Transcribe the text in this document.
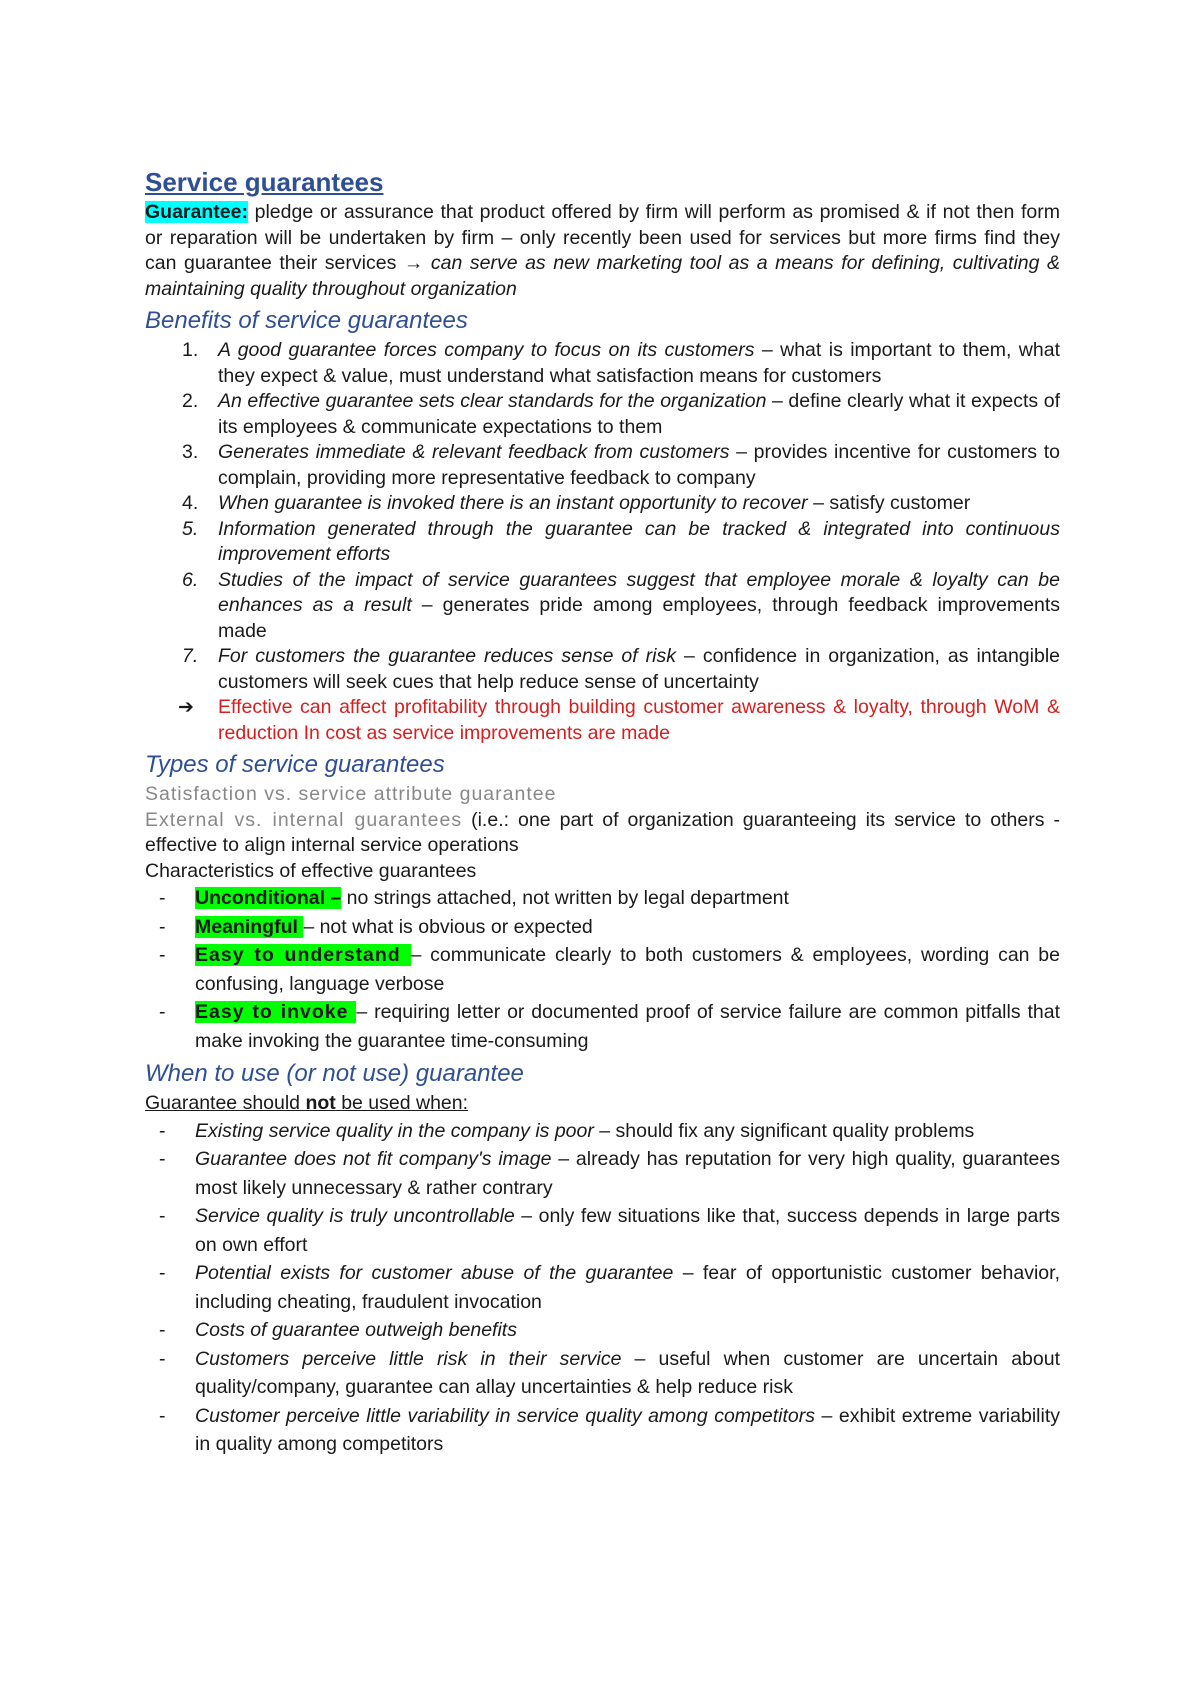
Service guarantees

Guarantee: pledge or assurance that product offered by firm will perform as promised & if not then form or reparation will be undertaken by firm – only recently been used for services but more firms find they can guarantee their services → can serve as new marketing tool as a means for defining, cultivating & maintaining quality throughout organization

Benefits of service guarantees
1. A good guarantee forces company to focus on its customers – what is important to them, what they expect & value, must understand what satisfaction means for customers
2. An effective guarantee sets clear standards for the organization – define clearly what it expects of its employees & communicate expectations to them
3. Generates immediate & relevant feedback from customers – provides incentive for customers to complain, providing more representative feedback to company
4. When guarantee is invoked there is an instant opportunity to recover – satisfy customer
5. Information generated through the guarantee can be tracked & integrated into continuous improvement efforts
6. Studies of the impact of service guarantees suggest that employee morale & loyalty can be enhances as a result – generates pride among employees, through feedback improvements made
7. For customers the guarantee reduces sense of risk – confidence in organization, as intangible customers will seek cues that help reduce sense of uncertainty
➔ Effective can affect profitability through building customer awareness & loyalty, through WoM & reduction In cost as service improvements are made
Types of service guarantees

Satisfaction vs. service attribute guarantee

External vs. internal guarantees (i.e.: one part of organization guaranteeing its service to others - effective to align internal service operations

Characteristics of effective guarantees

- Unconditional – no strings attached, not written by legal department
- Meaningful – not what is obvious or expected
- Easy to understand – communicate clearly to both customers & employees, wording can be confusing, language verbose
- Easy to invoke – requiring letter or documented proof of service failure are common pitfalls that make invoking the guarantee time-consuming
When to use (or not use) guarantee

Guarantee should not be used when:

- Existing service quality in the company is poor – should fix any significant quality problems
- Guarantee does not fit company's image – already has reputation for very high quality, guarantees most likely unnecessary & rather contrary
- Service quality is truly uncontrollable – only few situations like that, success depends in large parts on own effort
- Potential exists for customer abuse of the guarantee – fear of opportunistic customer behavior, including cheating, fraudulent invocation
- Costs of guarantee outweigh benefits
- Customers perceive little risk in their service – useful when customer are uncertain about quality/company, guarantee can allay uncertainties & help reduce risk
- Customer perceive little variability in service quality among competitors – exhibit extreme variability in quality among competitors
